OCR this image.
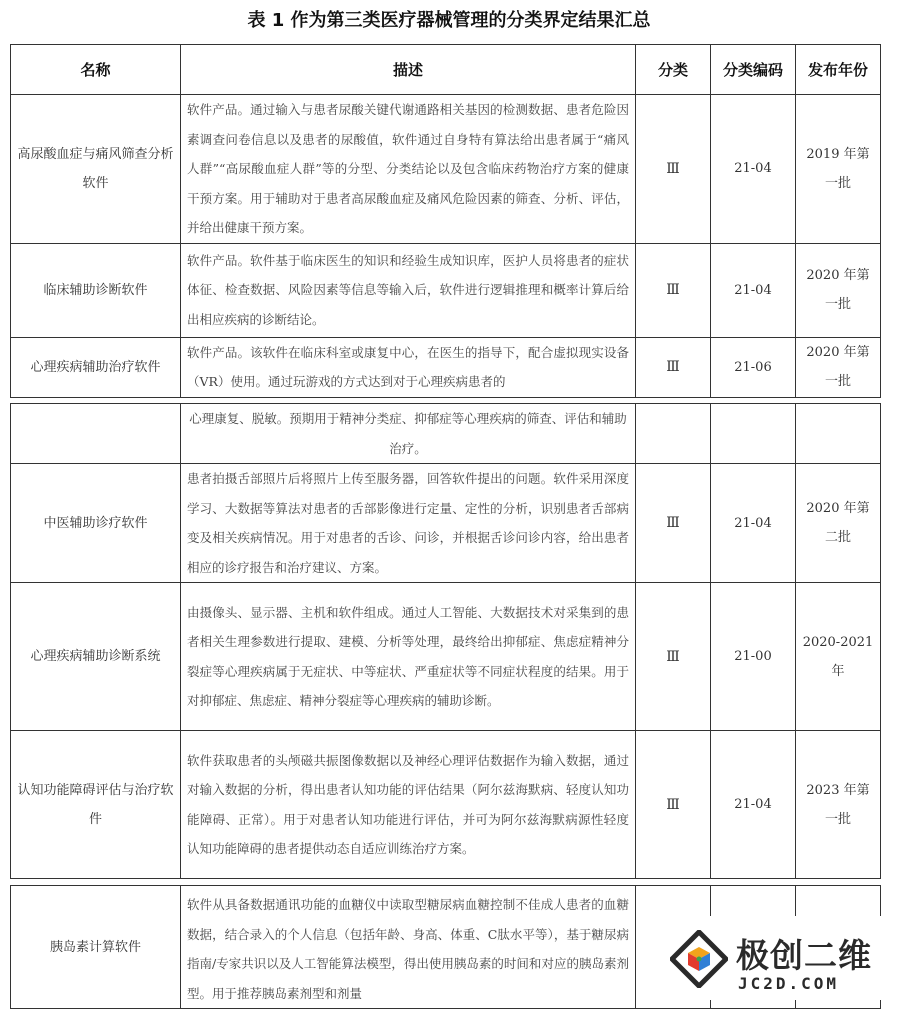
表 1 作为第三类医疗器械管理的分类界定结果汇总
名称	描述	分类	分类编码	发布年份
高尿酸血症与痛风筛查分析软件	软件产品。通过输入与患者尿酸关键代谢通路相关基因的检测数据、患者危险因素调查问卷信息以及患者的尿酸值，软件通过自身特有算法给出患者属于“痛风人群”“高尿酸血症人群”等的分型、分类结论以及包含临床药物治疗方案的健康干预方案。用于辅助对于患者高尿酸血症及痛风危险因素的筛查、分析、评估，并给出健康干预方案。	Ⅲ	21-04	2019 年第一批
临床辅助诊断软件	软件产品。软件基于临床医生的知识和经验生成知识库，医护人员将患者的症状体征、检查数据、风险因素等信息等输入后，软件进行逻辑推理和概率计算后给出相应疾病的诊断结论。	Ⅲ	21-04	2020 年第一批
心理疾病辅助治疗软件	软件产品。该软件在临床科室或康复中心，在医生的指导下，配合虚拟现实设备（VR）使用。通过玩游戏的方式达到对于心理疾病患者的	Ⅲ	21-06	2020 年第一批
	心理康复、脱敏。预期用于精神分类症、抑郁症等心理疾病的筛查、评估和辅助治疗。			
中医辅助诊疗软件	患者拍摄舌部照片后将照片上传至服务器，回答软件提出的问题。软件采用深度学习、大数据等算法对患者的舌部影像进行定量、定性的分析，识别患者舌部病变及相关疾病情况。用于对患者的舌诊、问诊，并根据舌诊问诊内容，给出患者相应的诊疗报告和治疗建议、方案。	Ⅲ	21-04	2020 年第二批
心理疾病辅助诊断系统	由摄像头、显示器、主机和软件组成。通过人工智能、大数据技术对采集到的患者相关生理参数进行提取、建模、分析等处理，最终给出抑郁症、焦虑症精神分裂症等心理疾病属于无症状、中等症状、严重症状等不同症状程度的结果。用于对抑郁症、焦虑症、精神分裂症等心理疾病的辅助诊断。	Ⅲ	21-00	2020-2021年
认知功能障碍评估与治疗软件	软件获取患者的头颅磁共振图像数据以及神经心理评估数据作为输入数据，通过对输入数据的分析，得出患者认知功能的评估结果（阿尔兹海默病、轻度认知功能障碍、正常）。用于对患者认知功能进行评估，并可为阿尔兹海默病源性轻度认知功能障碍的患者提供动态自适应训练治疗方案。	Ⅲ	21-04	2023 年第一批
胰岛素计算软件	软件从具备数据通讯功能的血糖仪中读取型糖尿病血糖控制不佳成人患者的血糖数据，结合录入的个人信息（包括年龄、身高、体重、C肽水平等），基于糖尿病指南/专家共识以及人工智能算法模型，得出使用胰岛素的时间和对应的胰岛素剂型。用于推荐胰岛素剂型和剂量			
极创二维
JC2D.COM
